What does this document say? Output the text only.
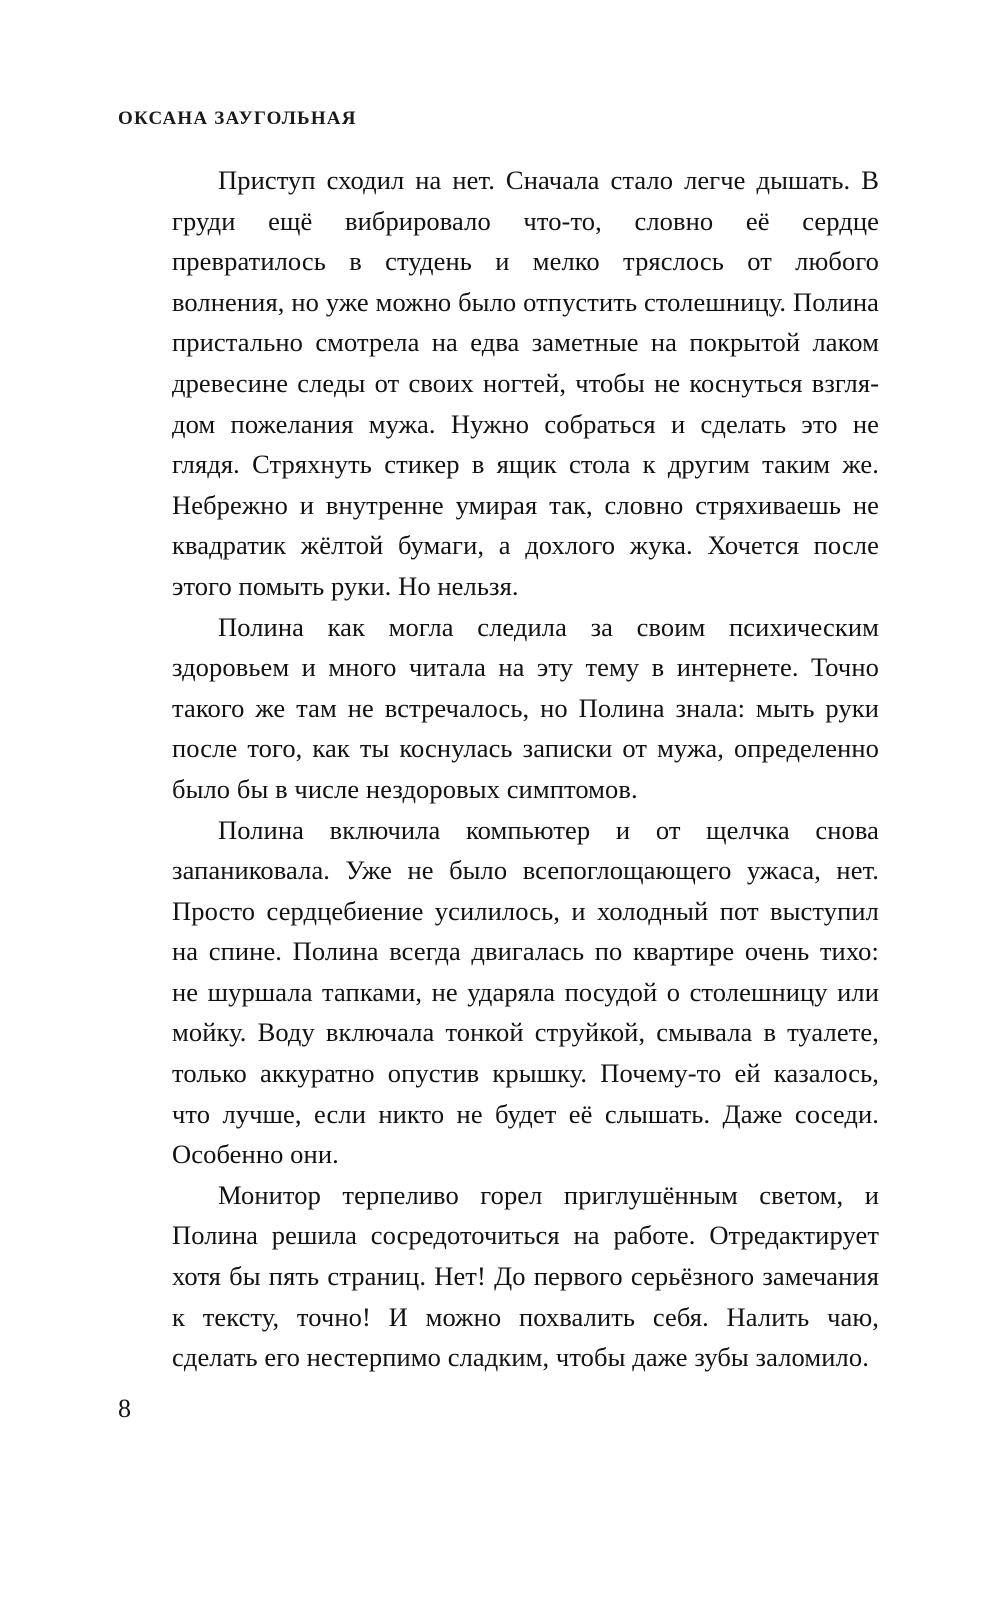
ОКСАНА ЗАУГОЛЬНАЯ

Приступ сходил на нет. Сначала стало легче дышать. В груди ещё вибрировало что-то, словно её сердце превратилось в студень и мелко тряслось от любого волнения, но уже можно было отпустить столешницу. Полина пристально смотрела на едва заметные на покрытой лаком древесине следы от своих ногтей, чтобы не коснуться взглядом пожелания мужа. Нужно собраться и сделать это не глядя. Стряхнуть стикер в ящик стола к другим таким же. Небрежно и внутренне умирая так, словно стряхиваешь не квадратик жёлтой бумаги, а дохлого жука. Хочется после этого помыть руки. Но нельзя.

Полина как могла следила за своим психическим здоровьем и много читала на эту тему в интернете. Точно такого же там не встречалось, но Полина знала: мыть руки после того, как ты коснулась записки от мужа, определенно было бы в числе нездоровых симптомов.

Полина включила компьютер и от щелчка снова запаниковала. Уже не было всепоглощающего ужаса, нет. Просто сердцебиение усилилось, и холодный пот выступил на спине. Полина всегда двигалась по квартире очень тихо: не шуршала тапками, не ударяла посудой о столешницу или мойку. Воду включала тонкой струйкой, смывала в туалете, только аккуратно опустив крышку. Почему-то ей казалось, что лучше, если никто не будет её слышать. Даже соседи. Особенно они.

Монитор терпеливо горел приглушённым светом, и Полина решила сосредоточиться на работе. Отредактирует хотя бы пять страниц. Нет! До первого серьёзного замечания к тексту, точно! И можно похвалить себя. Налить чаю, сделать его нестерпимо сладким, чтобы даже зубы заломило.

8
